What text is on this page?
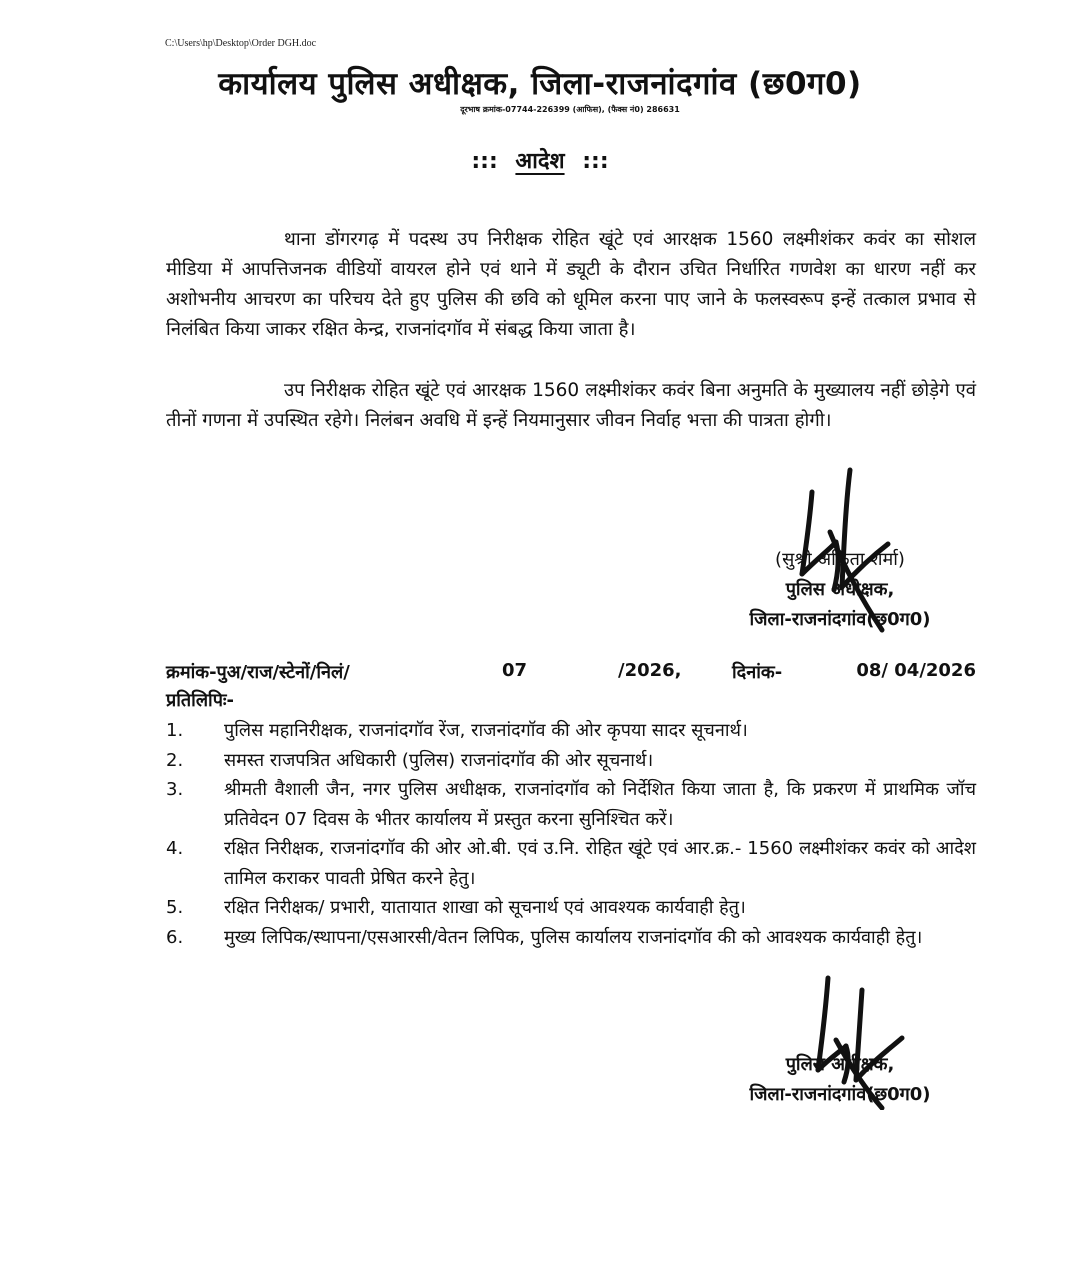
C:\Users\hp\Desktop\Order DGH.doc
कार्यालय पुलिस अधीक्षक, जिला-राजनांदगांव (छ0ग0)
दूरभाष क्रमांक-07744-226399 (आफिस), (फैक्स नं0) 286631
::: आदेश :::
थाना डोंगरगढ़ में पदस्थ उप निरीक्षक रोहित खूंटे एवं आरक्षक 1560 लक्ष्मीशंकर कवंर का सोशल मीडिया में आपत्तिजनक वीडियों वायरल होने एवं थाने में ड्यूटी के दौरान उचित निर्धारित गणवेश का धारण नहीं कर अशोभनीय आचरण का परिचय देते हुए पुलिस की छवि को धूमिल करना पाए जाने के फलस्वरूप इन्हें तत्काल प्रभाव से निलंबित किया जाकर रक्षित केन्द्र, राजनांदगॉव में संबद्ध किया जाता है।
उप निरीक्षक रोहित खूंटे एवं आरक्षक 1560 लक्ष्मीशंकर कवंर बिना अनुमति के मुख्यालय नहीं छोड़ेगे एवं तीनों गणना में उपस्थित रहेगे। निलंबन अवधि में इन्हें नियमानुसार जीवन निर्वाह भत्ता की पात्रता होगी।
(सुश्री अंकिता शर्मा)
पुलिस अधीक्षक,
जिला-राजनांदगांव(छ0ग0)
क्रमांक-पुअ/राज/स्टेनों/निलं/	07	/2026,	दिनांक-	08/ 04/2026
प्रतिलिपिः-
1. पुलिस महानिरीक्षक, राजनांदगॉव रेंज, राजनांदगॉव की ओर कृपया सादर सूचनार्थ।
2. समस्त राजपत्रित अधिकारी (पुलिस) राजनांदगॉव की ओर सूचनार्थ।
3. श्रीमती वैशाली जैन, नगर पुलिस अधीक्षक, राजनांदगॉव को निर्देशित किया जाता है, कि प्रकरण में प्राथमिक जॉच प्रतिवेदन 07 दिवस के भीतर कार्यालय में प्रस्तुत करना सुनिश्चित करें।
4. रक्षित निरीक्षक, राजनांदगॉव की ओर ओ.बी. एवं उ.नि. रोहित खूंटे एवं आर.क्र.- 1560 लक्ष्मीशंकर कवंर को आदेश तामिल कराकर पावती प्रेषित करने हेतु।
5. रक्षित निरीक्षक/ प्रभारी, यातायात शाखा को सूचनार्थ एवं आवश्यक कार्यवाही हेतु।
6. मुख्य लिपिक/स्थापना/एसआरसी/वेतन लिपिक, पुलिस कार्यालय राजनांदगॉव की को आवश्यक कार्यवाही हेतु।
पुलिस अधीक्षक,
जिला-राजनांदगांव(छ0ग0)
